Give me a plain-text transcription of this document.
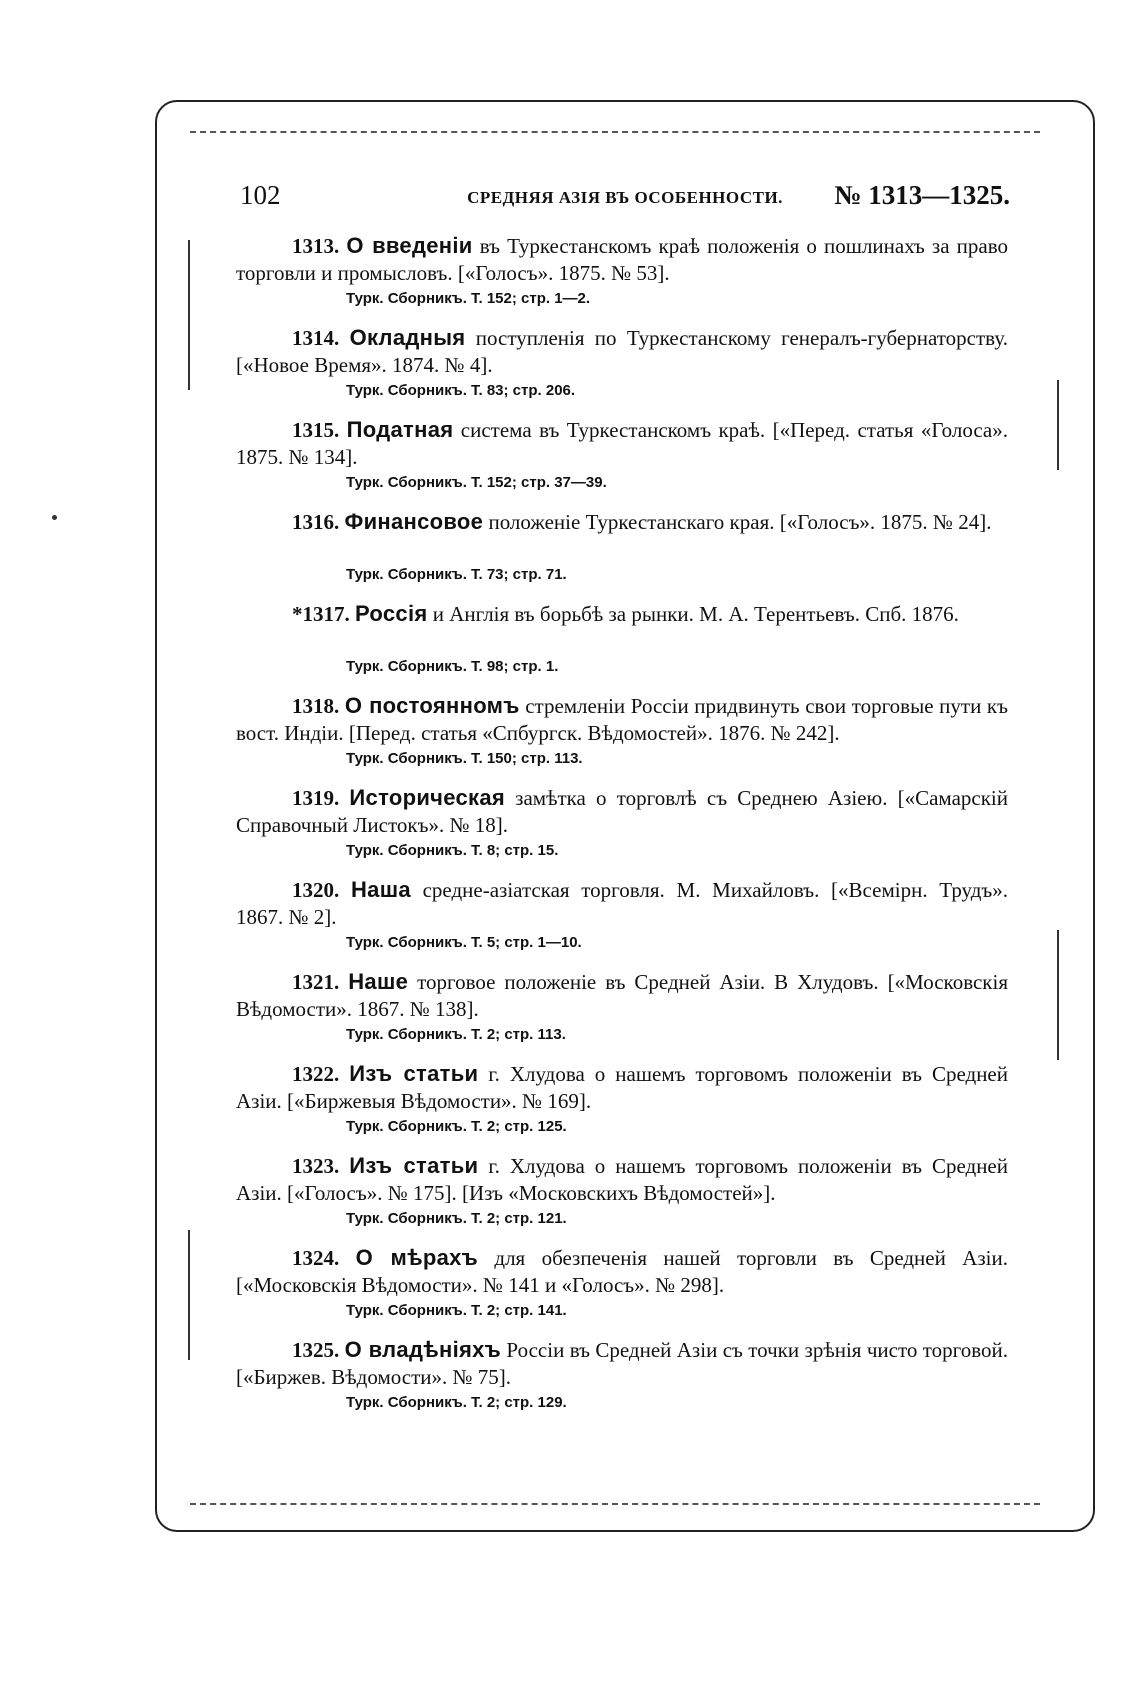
102	СРЕДНЯЯ АЗІЯ ВЪ ОСОБЕННОСТИ.	№ 1313—1325.

1313. О введеніи въ Туркестанскомъ краѣ положенія о пошлинахъ за право торговли и промысловъ. [«Голосъ». 1875. № 53].

Турк. Сборникъ. Т. 152; стр. 1—2.

1314. Окладныя поступленія по Туркестанскому генералъ-губернаторству. [«Новое Время». 1874. № 4].

Турк. Сборникъ. Т. 83; стр. 206.

1315. Податная система въ Туркестанскомъ краѣ. [«Перед. статья «Голоса». 1875. № 134].

Турк. Сборникъ. Т. 152; стр. 37—39.

1316. Финансовое положеніе Туркестанскаго края. [«Голосъ». 1875. № 24].

Турк. Сборникъ. Т. 73; стр. 71.

*1317. Россія и Англія въ борьбѣ за рынки. М. А. Терентьевъ. Спб. 1876.

Турк. Сборникъ. Т. 98; стр. 1.

1318. О постоянномъ стремленіи Россіи придвинуть свои торговые пути къ вост. Индіи. [Перед. статья «Спбургск. Вѣдомостей». 1876. № 242].

Турк. Сборникъ. Т. 150; стр. 113.

1319. Историческая замѣтка о торговлѣ съ Среднею Азіею. [«Самарскій Справочный Листокъ». № 18].

Турк. Сборникъ. Т. 8; стр. 15.

1320. Наша средне-азіатская торговля. М. Михайловъ. [«Всемірн. Трудъ». 1867. № 2].

Турк. Сборникъ. Т. 5; стр. 1—10.

1321. Наше торговое положеніе въ Средней Азіи. В Хлудовъ. [«Московскія Вѣдомости». 1867. № 138].

Турк. Сборникъ. Т. 2; стр. 113.

1322. Изъ статьи г. Хлудова о нашемъ торговомъ положеніи въ Средней Азіи. [«Биржевыя Вѣдомости». № 169].

Турк. Сборникъ. Т. 2; стр. 125.

1323. Изъ статьи г. Хлудова о нашемъ торговомъ положеніи въ Средней Азіи. [«Голосъ». № 175]. [Изъ «Московскихъ Вѣдомостей»].

Турк. Сборникъ. Т. 2; стр. 121.

1324. О мѣрахъ для обезпеченія нашей торговли въ Средней Азіи. [«Московскія Вѣдомости». № 141 и «Голосъ». № 298].

Турк. Сборникъ. Т. 2; стр. 141.

1325. О владѣніяхъ Россіи въ Средней Азіи съ точки зрѣнія чисто торговой. [«Биржев. Вѣдомости». № 75].

Турк. Сборникъ. Т. 2; стр. 129.
